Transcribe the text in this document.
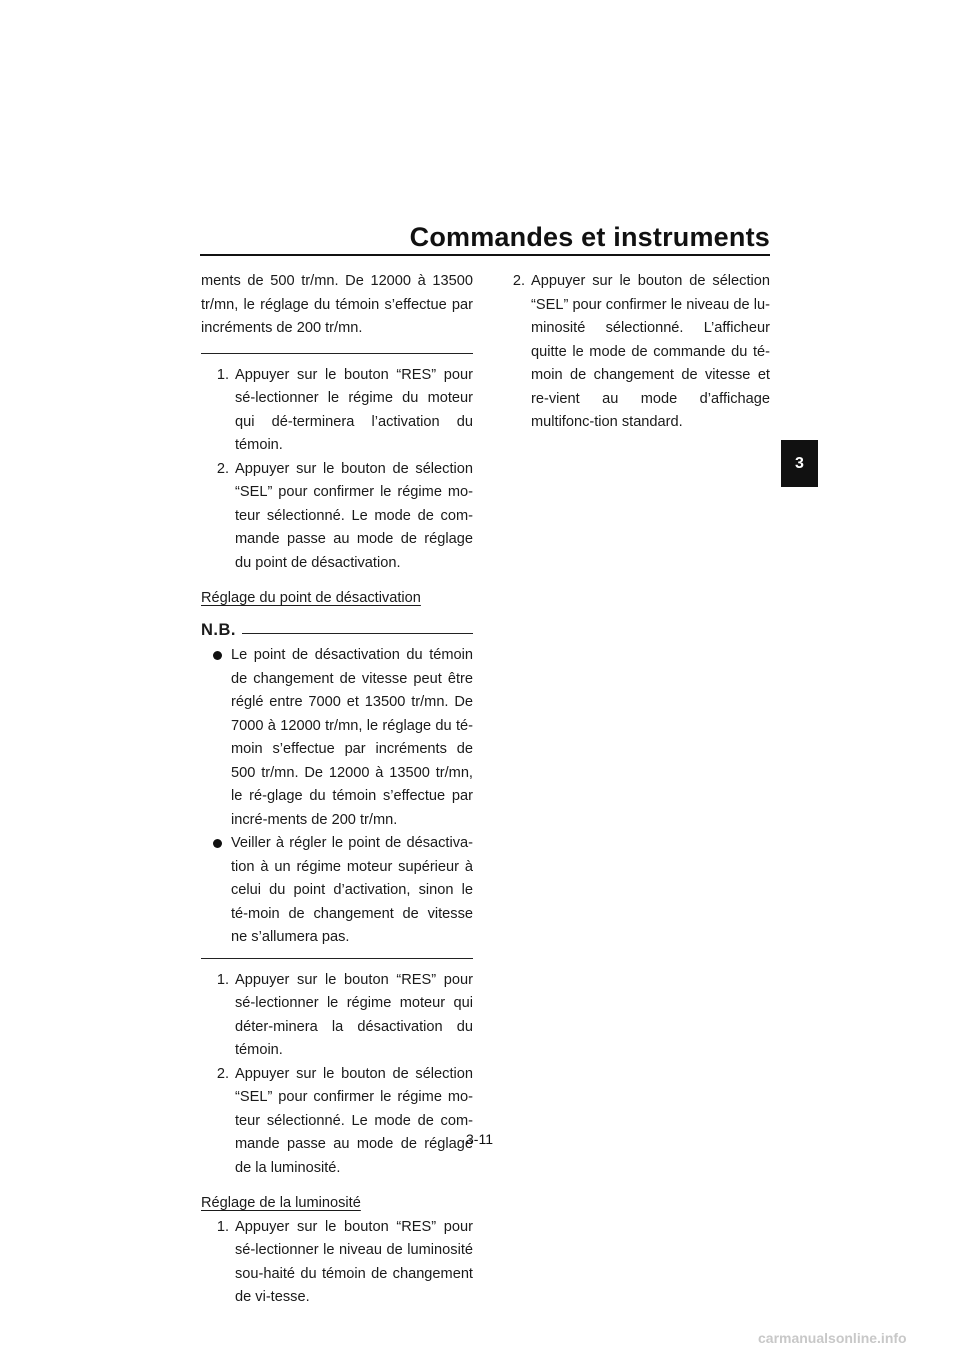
Commandes et instruments
3

ments de 500 tr/mn. De 12000 à 13500 tr/mn, le réglage du témoin s’effectue par incréments de 200 tr/mn.

1. Appuyer sur le bouton “RES” pour sé-lectionner le régime du moteur qui dé-terminera l’activation du témoin.
2. Appuyer sur le bouton de sélection “SEL” pour confirmer le régime mo-teur sélectionné. Le mode de com-mande passe au mode de réglage du point de désactivation.

Réglage du point de désactivation

N.B.
Le point de désactivation du témoin de changement de vitesse peut être réglé entre 7000 et 13500 tr/mn. De 7000 à 12000 tr/mn, le réglage du té-moin s’effectue par incréments de 500 tr/mn. De 12000 à 13500 tr/mn, le ré-glage du témoin s’effectue par incré-ments de 200 tr/mn.
Veiller à régler le point de désactiva-tion à un régime moteur supérieur à celui du point d’activation, sinon le té-moin de changement de vitesse ne s’allumera pas.
1. Appuyer sur le bouton “RES” pour sé-lectionner le régime moteur qui déter-minera la désactivation du témoin.
2. Appuyer sur le bouton de sélection “SEL” pour confirmer le régime mo-teur sélectionné. Le mode de com-mande passe au mode de réglage de la luminosité.

Réglage de la luminosité

1. Appuyer sur le bouton “RES” pour sé-lectionner le niveau de luminosité sou-haité du témoin de changement de vi-tesse.
2. Appuyer sur le bouton de sélection “SEL” pour confirmer le niveau de lu-minosité sélectionné. L’afficheur quitte le mode de commande du té-moin de changement de vitesse et re-vient au mode d’affichage multifonc-tion standard.
3-11
carmanualsonline.info
